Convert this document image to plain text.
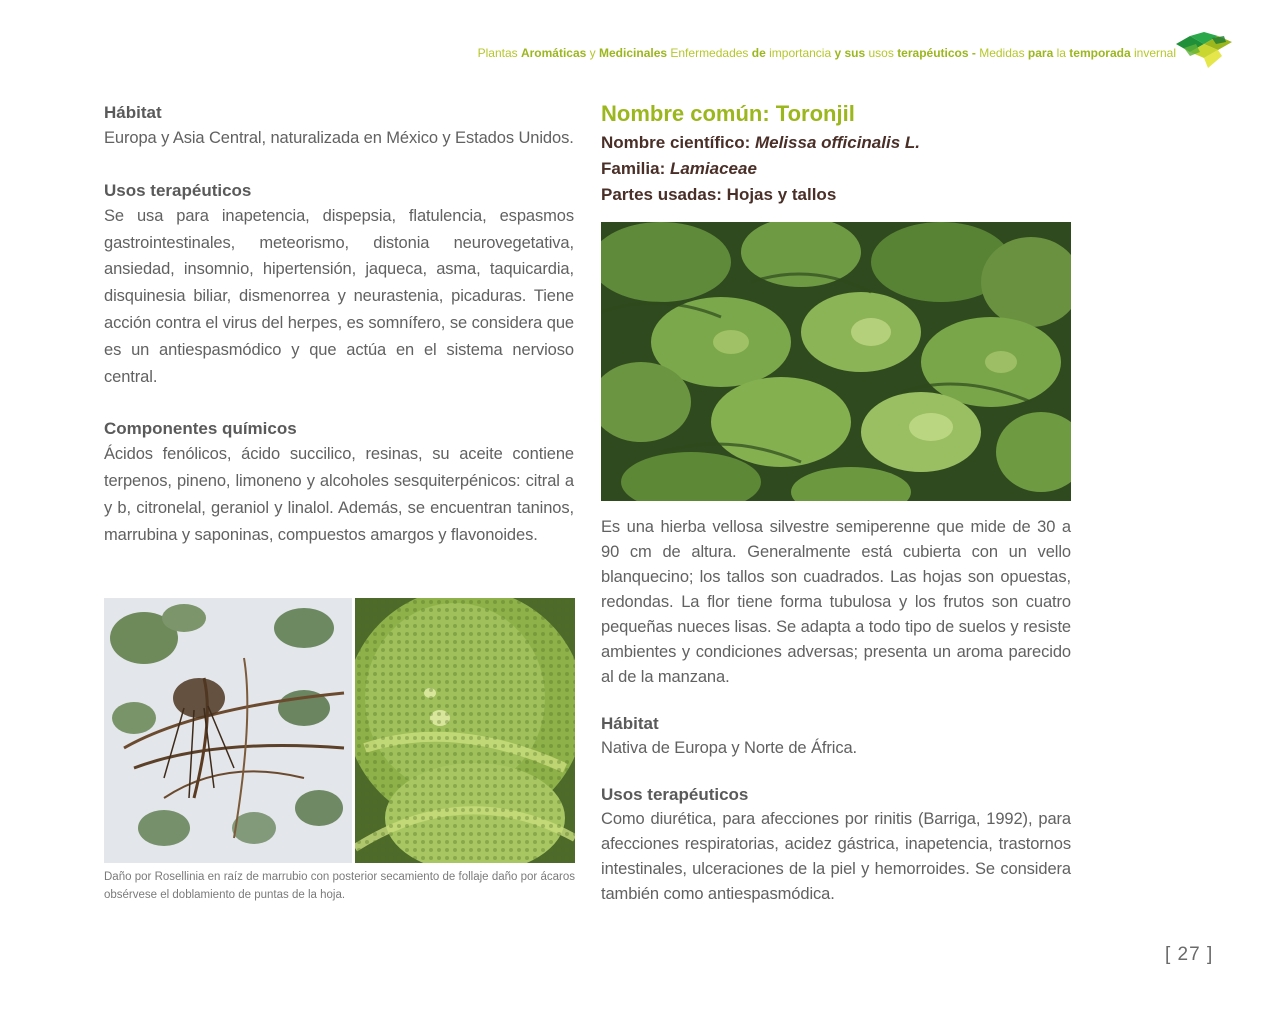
Plantas Aromáticas y Medicinales Enfermedades de importancia y sus usos terapéuticos - Medidas para la temporada invernal
Hábitat

Europa y Asia Central, naturalizada en México y Estados Unidos.

Usos terapéuticos

Se usa para inapetencia, dispepsia, flatulencia, espasmos gastrointestinales, meteorismo, distonia neurovegetativa, ansiedad, insomnio, hipertensión, jaqueca, asma, taquicardia, disquinesia biliar, dismenorrea y neurastenia, picaduras. Tiene acción contra el virus del herpes, es somnífero, se considera que es un antiespasmódico y que actúa en el sistema nervioso central.

Componentes químicos

Ácidos fenólicos, ácido succilico, resinas, su aceite contiene terpenos, pineno, limoneno y alcoholes sesquiterpénicos: citral a y b, citronelal, geraniol y linalol. Además, se encuentran taninos, marrubina y saponinas, compuestos amargos y flavonoides.

Daño por Rosellinia en raíz de marrubio con posterior secamiento de follaje daño por ácaros obsérvese el doblamiento de puntas de la hoja.
Nombre común: Toronjil

Nombre científico: Melissa officinalis L.

Familia: Lamiaceae

Partes usadas: Hojas y tallos

Es una hierba vellosa silvestre semiperenne que mide de 30 a 90 cm de altura. Generalmente está cubierta con un vello blanquecino; los tallos son cuadrados. Las hojas son opuestas, redondas. La flor tiene forma tubulosa y los frutos son cuatro pequeñas nueces lisas. Se adapta a todo tipo de suelos y resiste ambientes y condiciones adversas; presenta un aroma parecido al de la manzana.

Hábitat

Nativa de Europa y Norte de África.

Usos terapéuticos

Como diurética, para afecciones por rinitis (Barriga, 1992), para afecciones respiratorias, acidez gástrica, inapetencia, trastornos intestinales, ulceraciones de la piel y hemorroides. Se considera también como antiespasmódica.

[ 27 ]
